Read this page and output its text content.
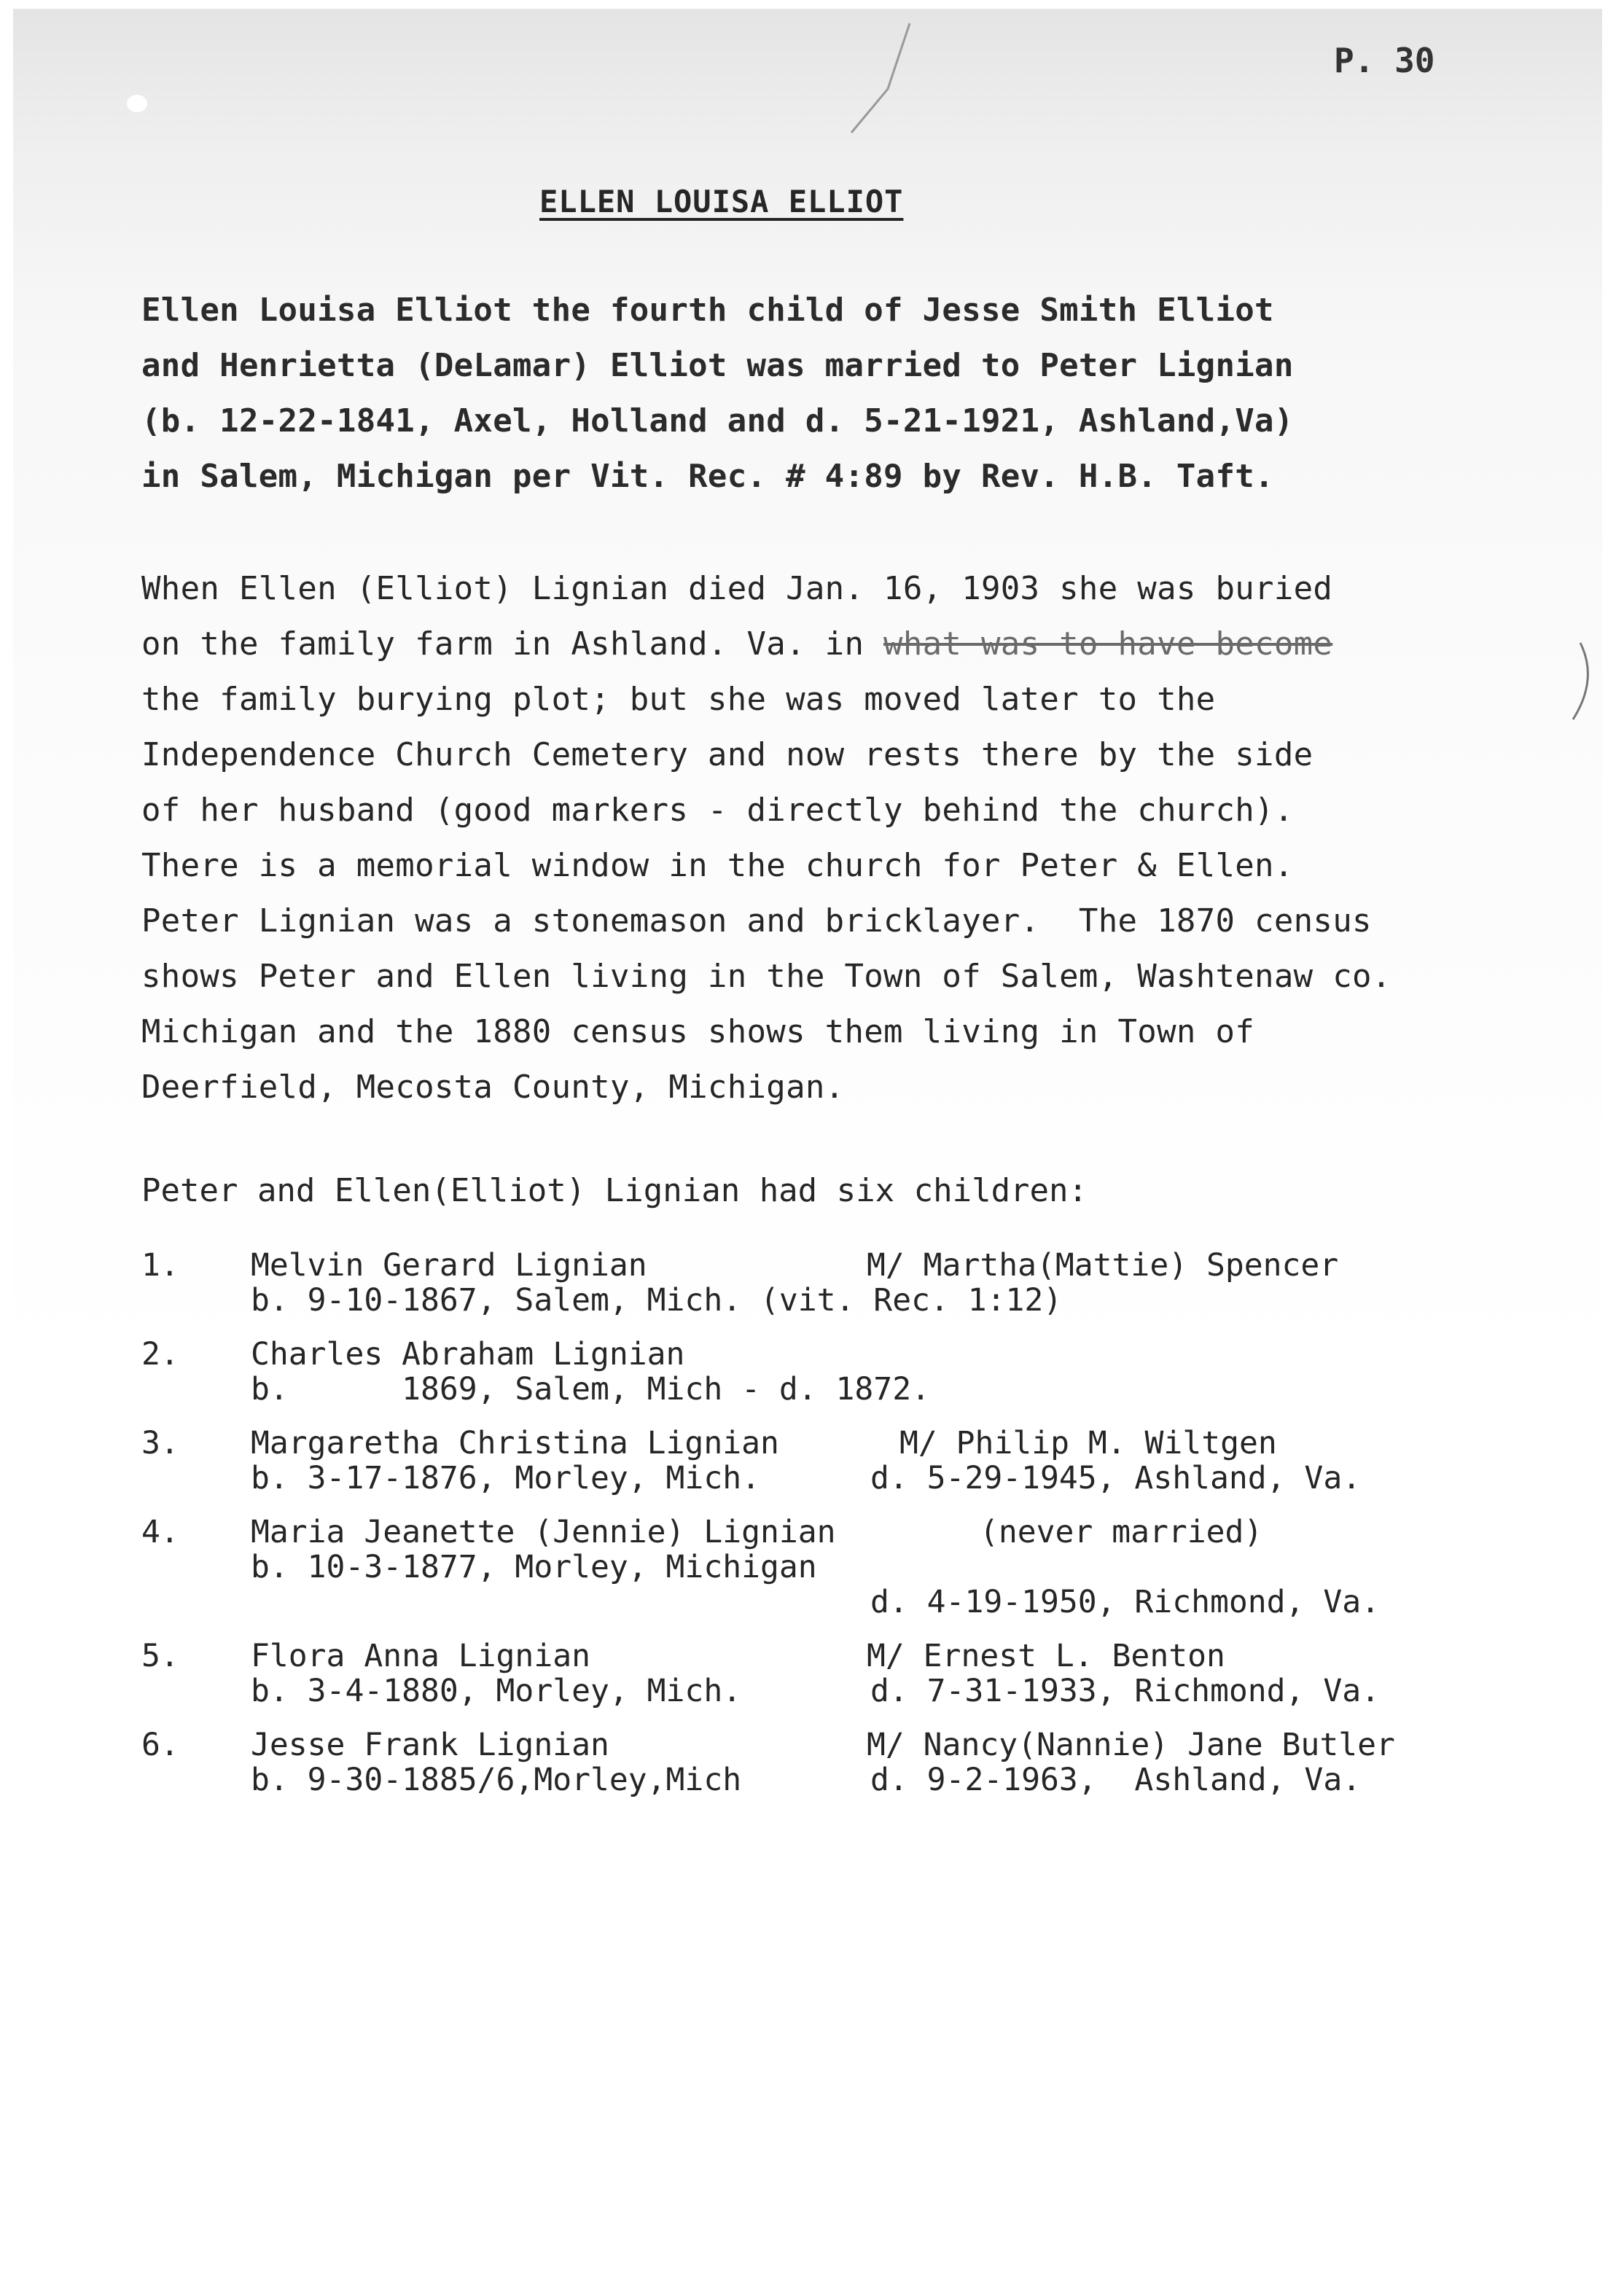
P. 30
ELLEN LOUISA ELLIOT
Ellen Louisa Elliot the fourth child of Jesse Smith Elliot
and Henrietta (DeLamar) Elliot was married to Peter Lignian
(b. 12-22-1841, Axel, Holland and d. 5-21-1921, Ashland,Va)
in Salem, Michigan per Vit. Rec. # 4:89 by Rev. H.B. Taft.
When Ellen (Elliot) Lignian died Jan. 16, 1903 she was buried
on the family farm in Ashland. Va. in what was to have become
the family burying plot; but she was moved later to the
Independence Church Cemetery and now rests there by the side
of her husband (good markers - directly behind the church).
There is a memorial window in the church for Peter & Ellen.
Peter Lignian was a stonemason and bricklayer.  The 1870 census
shows Peter and Ellen living in the Town of Salem, Washtenaw co.
Michigan and the 1880 census shows them living in Town of
Deerfield, Mecosta County, Michigan.
Peter and Ellen(Elliot) Lignian had six children:
1. Melvin Gerard Lignian	M/ Martha(Mattie) Spencer
b. 9-10-1867, Salem, Mich. (vit. Rec. 1:12)
2. Charles Abraham Lignian
b.      1869, Salem, Mich - d. 1872.
3. Margaretha Christina Lignian	M/ Philip M. Wiltgen
b. 3-17-1876, Morley, Mich.	d. 5-29-1945, Ashland, Va.
4. Maria Jeanette (Jennie) Lignian	(never married)
b. 10-3-1877, Morley, Michigan
d. 4-19-1950, Richmond, Va.
5. Flora Anna Lignian	M/ Ernest L. Benton
b. 3-4-1880, Morley, Mich.	d. 7-31-1933, Richmond, Va.
6. Jesse Frank Lignian	M/ Nancy(Nannie) Jane Butler
b. 9-30-1885/6,Morley,Mich	d. 9-2-1963,  Ashland, Va.
